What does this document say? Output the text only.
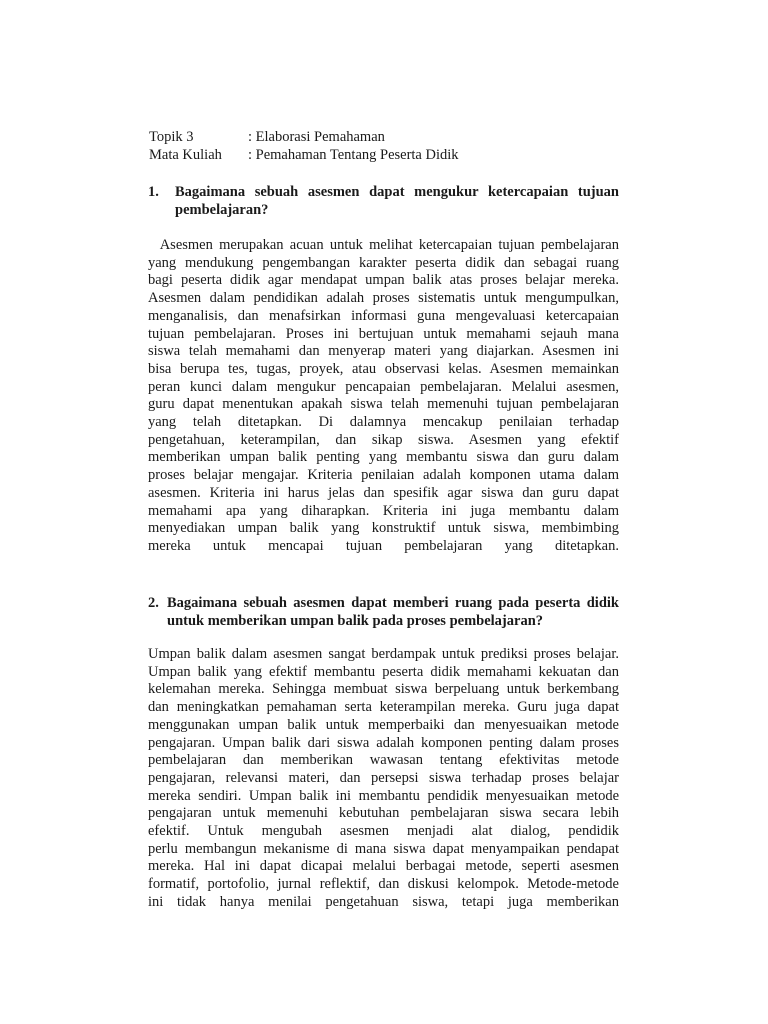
Topik 3	: Elaborasi Pemahaman
Mata Kuliah	: Pemahaman Tentang Peserta Didik
1. Bagaimana sebuah asesmen dapat mengukur ketercapaian tujuan
pembelajaran?
Asesmen merupakan acuan untuk melihat ketercapaian tujuan pembelajaran
yang mendukung pengembangan karakter peserta didik dan sebagai ruang
bagi peserta didik agar mendapat umpan balik atas proses belajar mereka.
Asesmen dalam pendidikan adalah proses sistematis untuk mengumpulkan,
menganalisis, dan menafsirkan informasi guna mengevaluasi ketercapaian
tujuan pembelajaran. Proses ini bertujuan untuk memahami sejauh mana
siswa telah memahami dan menyerap materi yang diajarkan. Asesmen ini
bisa berupa tes, tugas, proyek, atau observasi kelas. Asesmen memainkan
peran kunci dalam mengukur pencapaian pembelajaran. Melalui asesmen,
guru dapat menentukan apakah siswa telah memenuhi tujuan pembelajaran
yang telah ditetapkan. Di dalamnya mencakup penilaian terhadap
pengetahuan, keterampilan, dan sikap siswa. Asesmen yang efektif
memberikan umpan balik penting yang membantu siswa dan guru dalam
proses belajar mengajar. Kriteria penilaian adalah komponen utama dalam
asesmen. Kriteria ini harus jelas dan spesifik agar siswa dan guru dapat
memahami apa yang diharapkan. Kriteria ini juga membantu dalam
menyediakan umpan balik yang konstruktif untuk siswa, membimbing
mereka untuk mencapai tujuan pembelajaran yang ditetapkan.
2. Bagaimana sebuah asesmen dapat memberi ruang pada peserta didik
untuk memberikan umpan balik pada proses pembelajaran?
Umpan balik dalam asesmen sangat berdampak untuk prediksi proses belajar.
Umpan balik yang efektif membantu peserta didik memahami kekuatan dan
kelemahan mereka. Sehingga membuat siswa berpeluang untuk berkembang
dan meningkatkan pemahaman serta keterampilan mereka. Guru juga dapat
menggunakan umpan balik untuk memperbaiki dan menyesuaikan metode
pengajaran. Umpan balik dari siswa adalah komponen penting dalam proses
pembelajaran dan memberikan wawasan tentang efektivitas metode
pengajaran, relevansi materi, dan persepsi siswa terhadap proses belajar
mereka sendiri. Umpan balik ini membantu pendidik menyesuaikan metode
pengajaran untuk memenuhi kebutuhan pembelajaran siswa secara lebih
efektif. Untuk mengubah asesmen menjadi alat dialog, pendidik
perlu membangun mekanisme di mana siswa dapat menyampaikan pendapat
mereka. Hal ini dapat dicapai melalui berbagai metode, seperti asesmen
formatif, portofolio, jurnal reflektif, dan diskusi kelompok. Metode-metode
ini tidak hanya menilai pengetahuan siswa, tetapi juga memberikan
